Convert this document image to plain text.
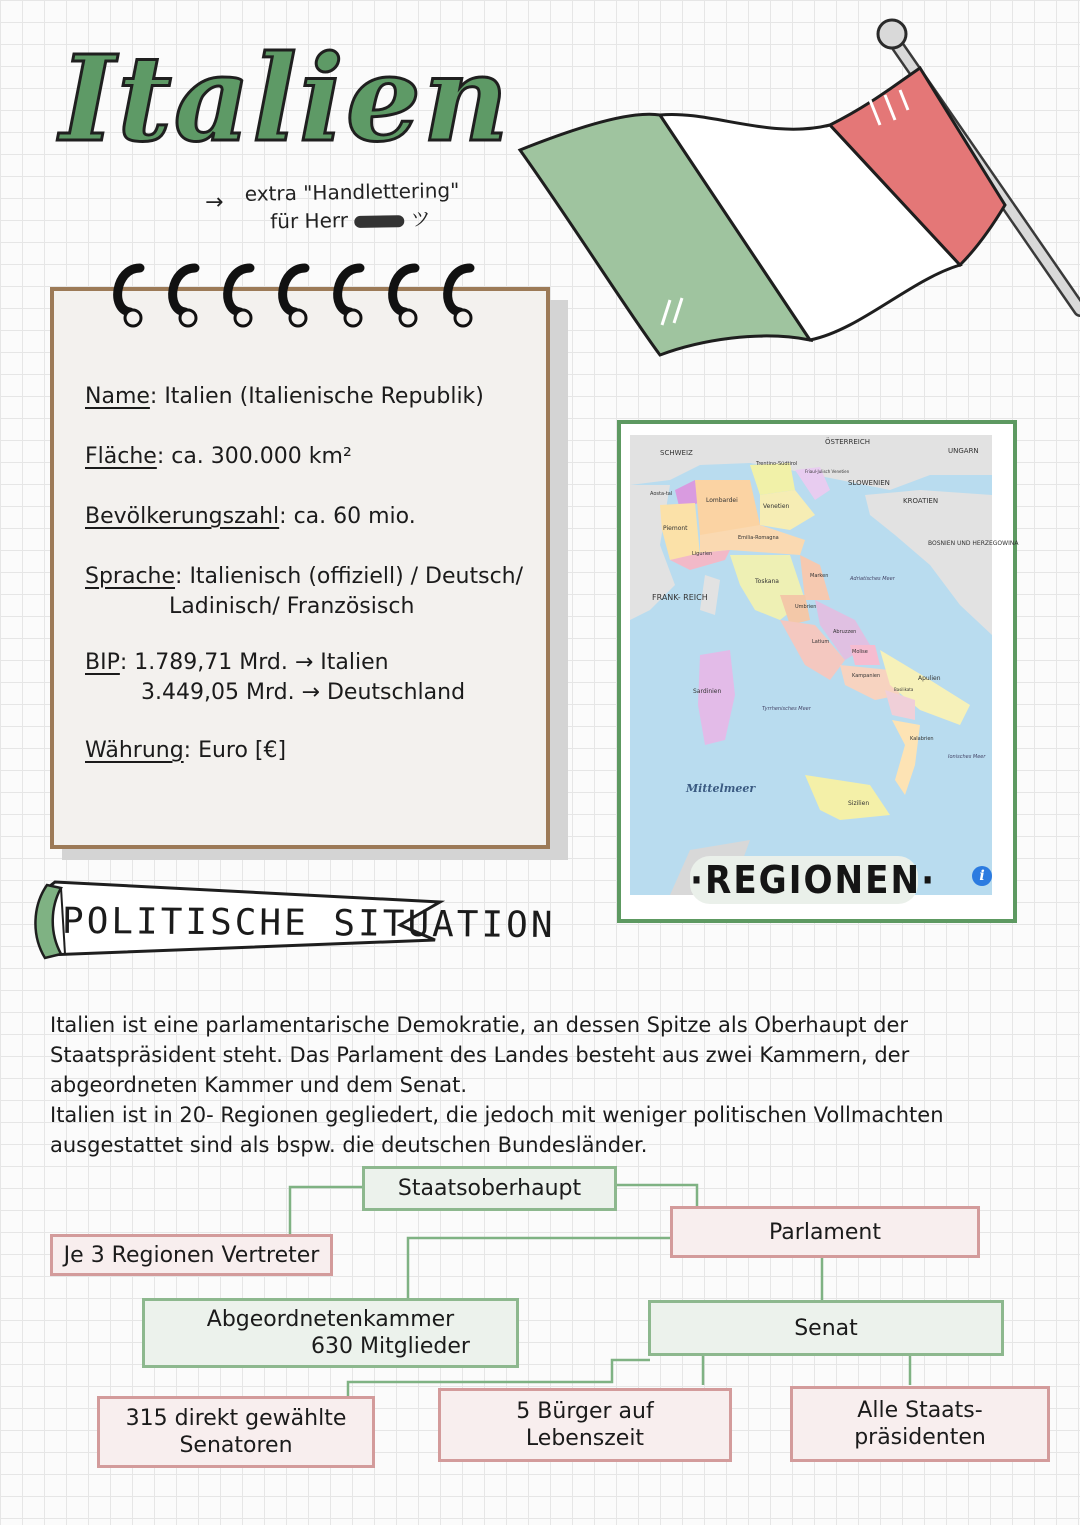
Italien
→ extra "Handlettering"
für Herr	ツ
Name: Italien (Italienische Republik)
Fläche: ca. 300.000 km²
Bevölkerungszahl: ca. 60 mio.
Sprache: Italienisch (offiziell) / Deutsch/
Ladinisch/ Französisch
BIP: 1.789,71 Mrd. → Italien
3.449,05 Mrd. → Deutschland
Währung: Euro [€]
SCHWEIZ
ÖSTERREICH
UNGARN
SLOWENIEN
KROATIEN
BOSNIEN UND HERZEGOWINA
FRANK- REICH
Mittelmeer
Sardinien
Sizilien
Kalabrien
Apulien
Toskana
Lombardei
Venetien
Piemont
Latium
Kampanien
Abruzzen
Tyrrhenisches Meer
Adriatisches Meer
Ionisches Meer
Emilia-Romagna
Marken
Umbrien
Ligurien
Trentino-Südtirol
Aosta-tal
Molise
Basilikata
Friaul-Julisch Venetien
·REGIONEN·	i
POLITISCHE SITUATION

Italien ist eine parlamentarische Demokratie, an dessen Spitze als Oberhaupt der Staatspräsident steht. Das Parlament des Landes besteht aus zwei Kammern, der abgeordneten Kammer und dem Senat.

Italien ist in 20- Regionen gegliedert, die jedoch mit weniger politischen Vollmachten ausgestattet sind als bspw. die deutschen Bundesländer.

Staatsoberhaupt
Parlament
Je 3 Regionen Vertreter
Abgeordnetenkammer
630 Mitglieder
Senat
315 direkt gewählte
Senatoren
5 Bürger auf
Lebenszeit
Alle Staats-
präsidenten
